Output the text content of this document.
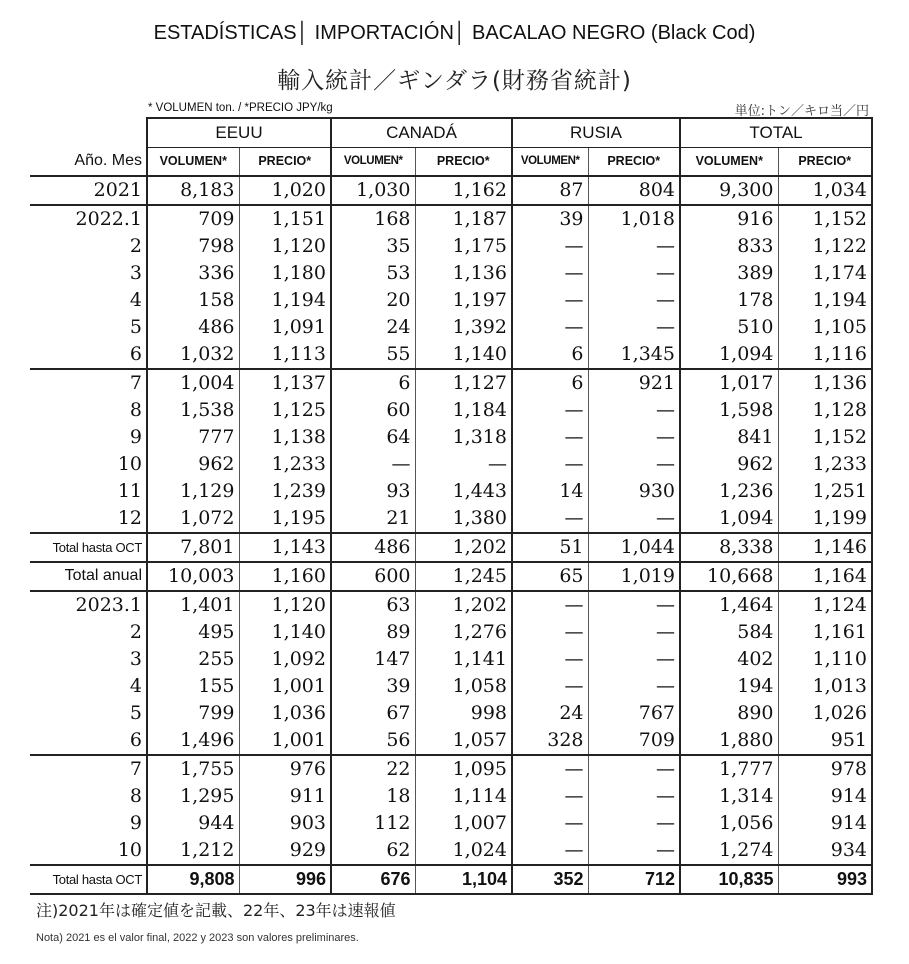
ESTADÍSTICAS│ IMPORTACIÓN│ BACALAO NEGRO (Black Cod)
輸入統計／ギンダラ(財務省統計)
* VOLUMEN ton. / *PRECIO JPY/kg	単位:トン／キロ当／円
	EEUU		CANADÁ		RUSIA		TOTAL	
Año. Mes	VOLUMEN*	PRECIO*	VOLUMEN*	PRECIO*	VOLUMEN*	PRECIO*	VOLUMEN*	PRECIO*
2021	8,183	1,020	1,030	1,162	87	804	9,300	1,034
2022.1	709	1,151	168	1,187	39	1,018	916	1,152
2	798	1,120	35	1,175	—	—	833	1,122
3	336	1,180	53	1,136	—	—	389	1,174
4	158	1,194	20	1,197	—	—	178	1,194
5	486	1,091	24	1,392	—	—	510	1,105
6	1,032	1,113	55	1,140	6	1,345	1,094	1,116
7	1,004	1,137	6	1,127	6	921	1,017	1,136
8	1,538	1,125	60	1,184	—	—	1,598	1,128
9	777	1,138	64	1,318	—	—	841	1,152
10	962	1,233	—	—	—	—	962	1,233
11	1,129	1,239	93	1,443	14	930	1,236	1,251
12	1,072	1,195	21	1,380	—	—	1,094	1,199
Total hasta OCT	7,801	1,143	486	1,202	51	1,044	8,338	1,146
Total anual	10,003	1,160	600	1,245	65	1,019	10,668	1,164
2023.1	1,401	1,120	63	1,202	—	—	1,464	1,124
2	495	1,140	89	1,276	—	—	584	1,161
3	255	1,092	147	1,141	—	—	402	1,110
4	155	1,001	39	1,058	—	—	194	1,013
5	799	1,036	67	998	24	767	890	1,026
6	1,496	1,001	56	1,057	328	709	1,880	951
7	1,755	976	22	1,095	—	—	1,777	978
8	1,295	911	18	1,114	—	—	1,314	914
9	944	903	112	1,007	—	—	1,056	914
10	1,212	929	62	1,024	—	—	1,274	934
Total hasta OCT	9,808	996	676	1,104	352	712	10,835	993
注)2021年は確定値を記載、22年、23年は速報値
Nota) 2021 es el valor final, 2022 y 2023 son valores preliminares.
